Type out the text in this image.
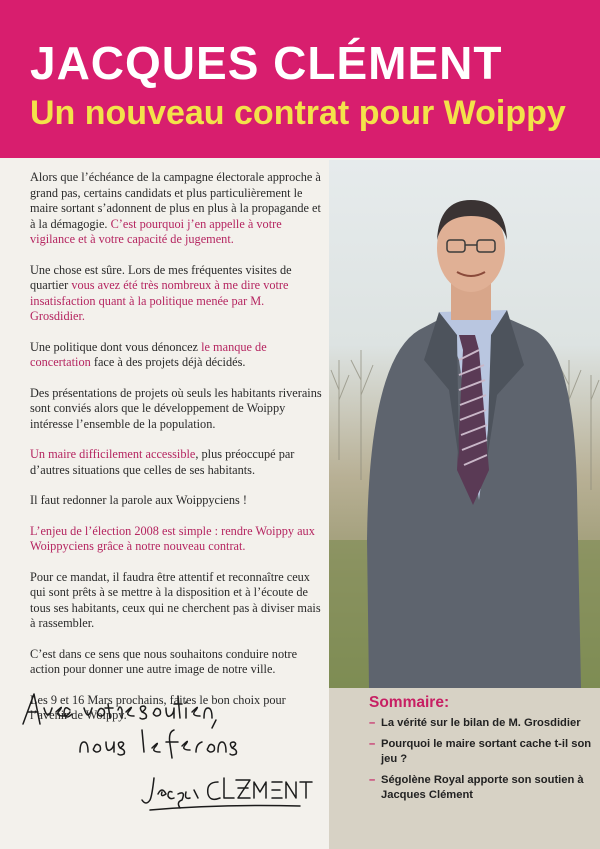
JACQUES CLÉMENT
Un nouveau contrat pour Woippy

Alors que l’échéance de la campagne électorale approche à grand pas, certains candidats et plus particulièrement le maire sortant s’adonnent de plus en plus à la propagande et à la démagogie. C’est pourquoi j’en appelle à votre vigilance et à votre capacité de jugement.

Une chose est sûre. Lors de mes fréquentes visites de quartier vous avez été très nombreux à me dire votre insatisfaction quant à la politique menée par M. Grosdidier.

Une politique dont vous dénoncez le manque de concertation face à des projets déjà décidés.

Des présentations de projets où seuls les habitants riverains sont conviés alors que le développement de Woippy intéresse l’ensemble de la population.

Un maire difficilement accessible, plus préoccupé par d’autres situations que celles de ses habitants.

Il faut redonner la parole aux Woippyciens !

L’enjeu de l’élection 2008 est simple : rendre Woippy aux Woippyciens grâce à notre nouveau contrat.

Pour ce mandat, il faudra être attentif et reconnaître ceux qui sont prêts à se mettre à la disposition et à l’écoute de tous ses habitants, ceux qui ne cherchent pas à diviser mais à rassembler.

C’est dans ce sens que nous souhaitons conduire notre action pour donner une autre image de notre ville.

Les 9 et 16 Mars prochains, faites le bon choix pour l’avenir de Woippy.

Sommaire:
– La vérité sur le bilan de M. Grosdidier
– Pourquoi le maire sortant cache t-il son jeu ?
– Ségolène Royal apporte son soutien à Jacques Clément
